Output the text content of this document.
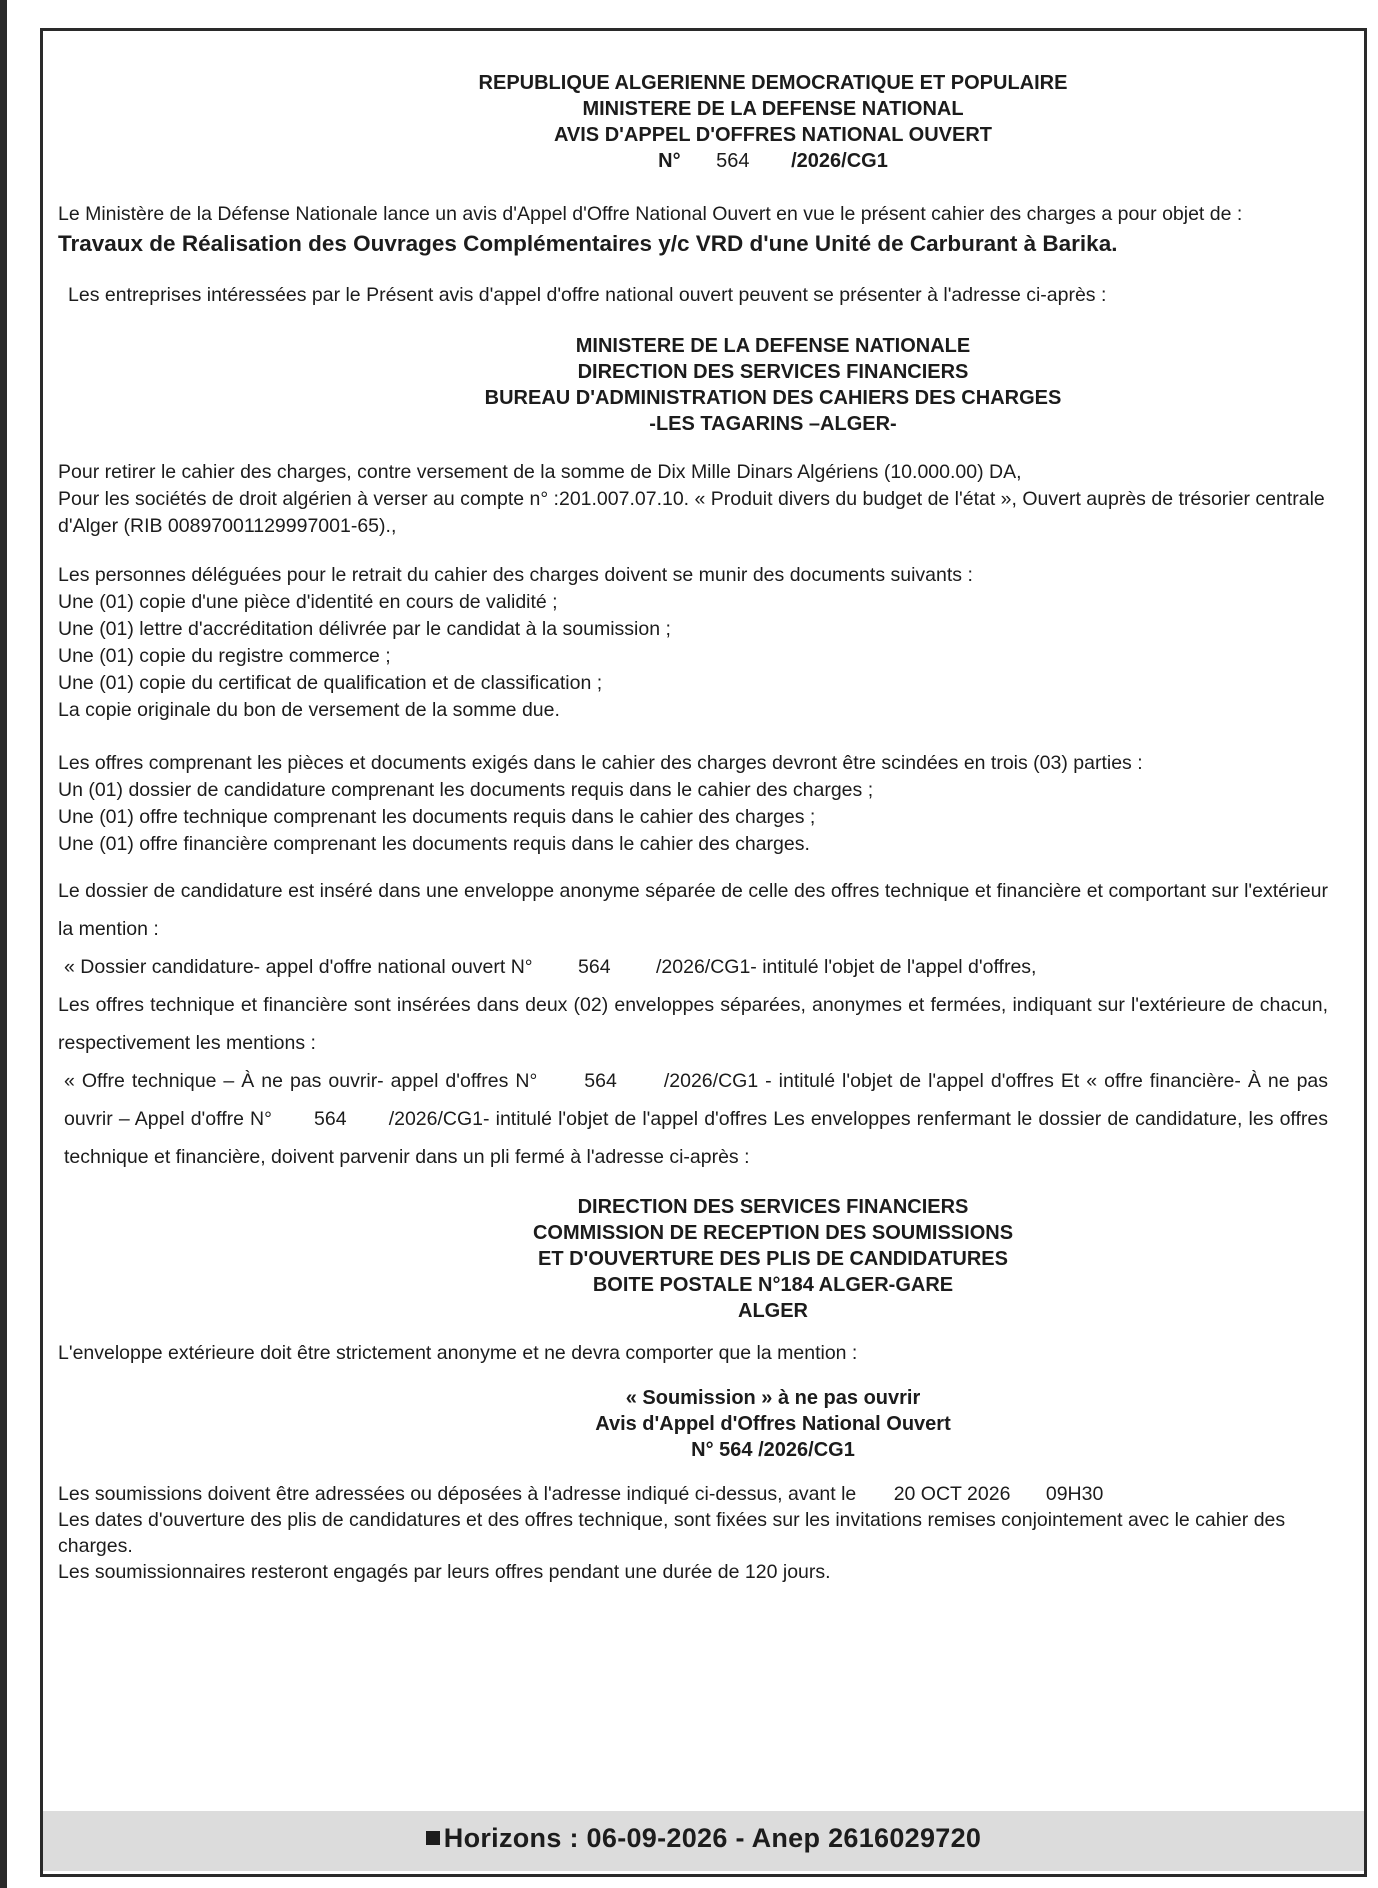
REPUBLIQUE ALGERIENNE DEMOCRATIQUE ET POPULAIRE

MINISTERE DE LA DEFENSE NATIONAL

AVIS D'APPEL D'OFFRES NATIONAL OUVERT

N° 564 /2026/CG1

Le Ministère de la Défense Nationale lance un avis d'Appel d'Offre National Ouvert en vue le présent cahier des charges a pour objet de : Travaux de Réalisation des Ouvrages Complémentaires y/c VRD d'une Unité de Carburant à Barika.

Les entreprises intéressées par le Présent avis d'appel d'offre national ouvert peuvent se présenter à l'adresse ci-après :

MINISTERE DE LA DEFENSE NATIONALE

DIRECTION DES SERVICES FINANCIERS

BUREAU D'ADMINISTRATION DES CAHIERS DES CHARGES

-LES TAGARINS –ALGER-

Pour retirer le cahier des charges, contre versement de la somme de Dix Mille Dinars Algériens (10.000.00) DA,

Pour les sociétés de droit algérien à verser au compte n° :201.007.07.10. « Produit divers du budget de l'état », Ouvert auprès de trésorier centrale d'Alger (RIB 00897001129997001-65).,

Les personnes déléguées pour le retrait du cahier des charges doivent se munir des documents suivants :

Une (01) copie d'une pièce d'identité en cours de validité ;

Une (01) lettre d'accréditation délivrée par le candidat à la soumission ;

Une (01) copie du registre commerce ;

Une (01) copie du certificat de qualification et de classification ;

La copie originale du bon de versement de la somme due.

Les offres comprenant les pièces et documents exigés dans le cahier des charges devront être scindées en trois (03) parties :

Un (01) dossier de candidature comprenant les documents requis dans le cahier des charges ;

Une (01) offre technique comprenant les documents requis dans le cahier des charges ;

Une (01) offre financière comprenant les documents requis dans le cahier des charges.

Le dossier de candidature est inséré dans une enveloppe anonyme séparée de celle des offres technique et financière et comportant sur l'extérieur la mention :

« Dossier candidature- appel d'offre national ouvert N° 564 /2026/CG1- intitulé l'objet de l'appel d'offres,

Les offres technique et financière sont insérées dans deux (02) enveloppes séparées, anonymes et fermées, indiquant sur l'extérieure de chacun, respectivement les mentions :

« Offre technique – À ne pas ouvrir- appel d'offres N° 564 /2026/CG1 - intitulé l'objet de l'appel d'offres Et « offre financière- À ne pas ouvrir – Appel d'offre N° 564 /2026/CG1- intitulé l'objet de l'appel d'offres Les enveloppes renfermant le dossier de candidature, les offres technique et financière, doivent parvenir dans un pli fermé à l'adresse ci-après :

DIRECTION DES SERVICES FINANCIERS

COMMISSION DE RECEPTION DES SOUMISSIONS

ET D'OUVERTURE DES PLIS DE CANDIDATURES

BOITE POSTALE N°184 ALGER-GARE

ALGER

L'enveloppe extérieure doit être strictement anonyme et ne devra comporter que la mention :

« Soumission » à ne pas ouvrir

Avis d'Appel d'Offres National Ouvert

N° 564 /2026/CG1

Les soumissions doivent être adressées ou déposées à l'adresse indiqué ci-dessus, avant le 20 OCT 2026 09H30

Les dates d'ouverture des plis de candidatures et des offres technique, sont fixées sur les invitations remises conjointement avec le cahier des charges.

Les soumissionnaires resteront engagés par leurs offres pendant une durée de 120 jours.

Horizons : 06-09-2026 - Anep 2616029720
